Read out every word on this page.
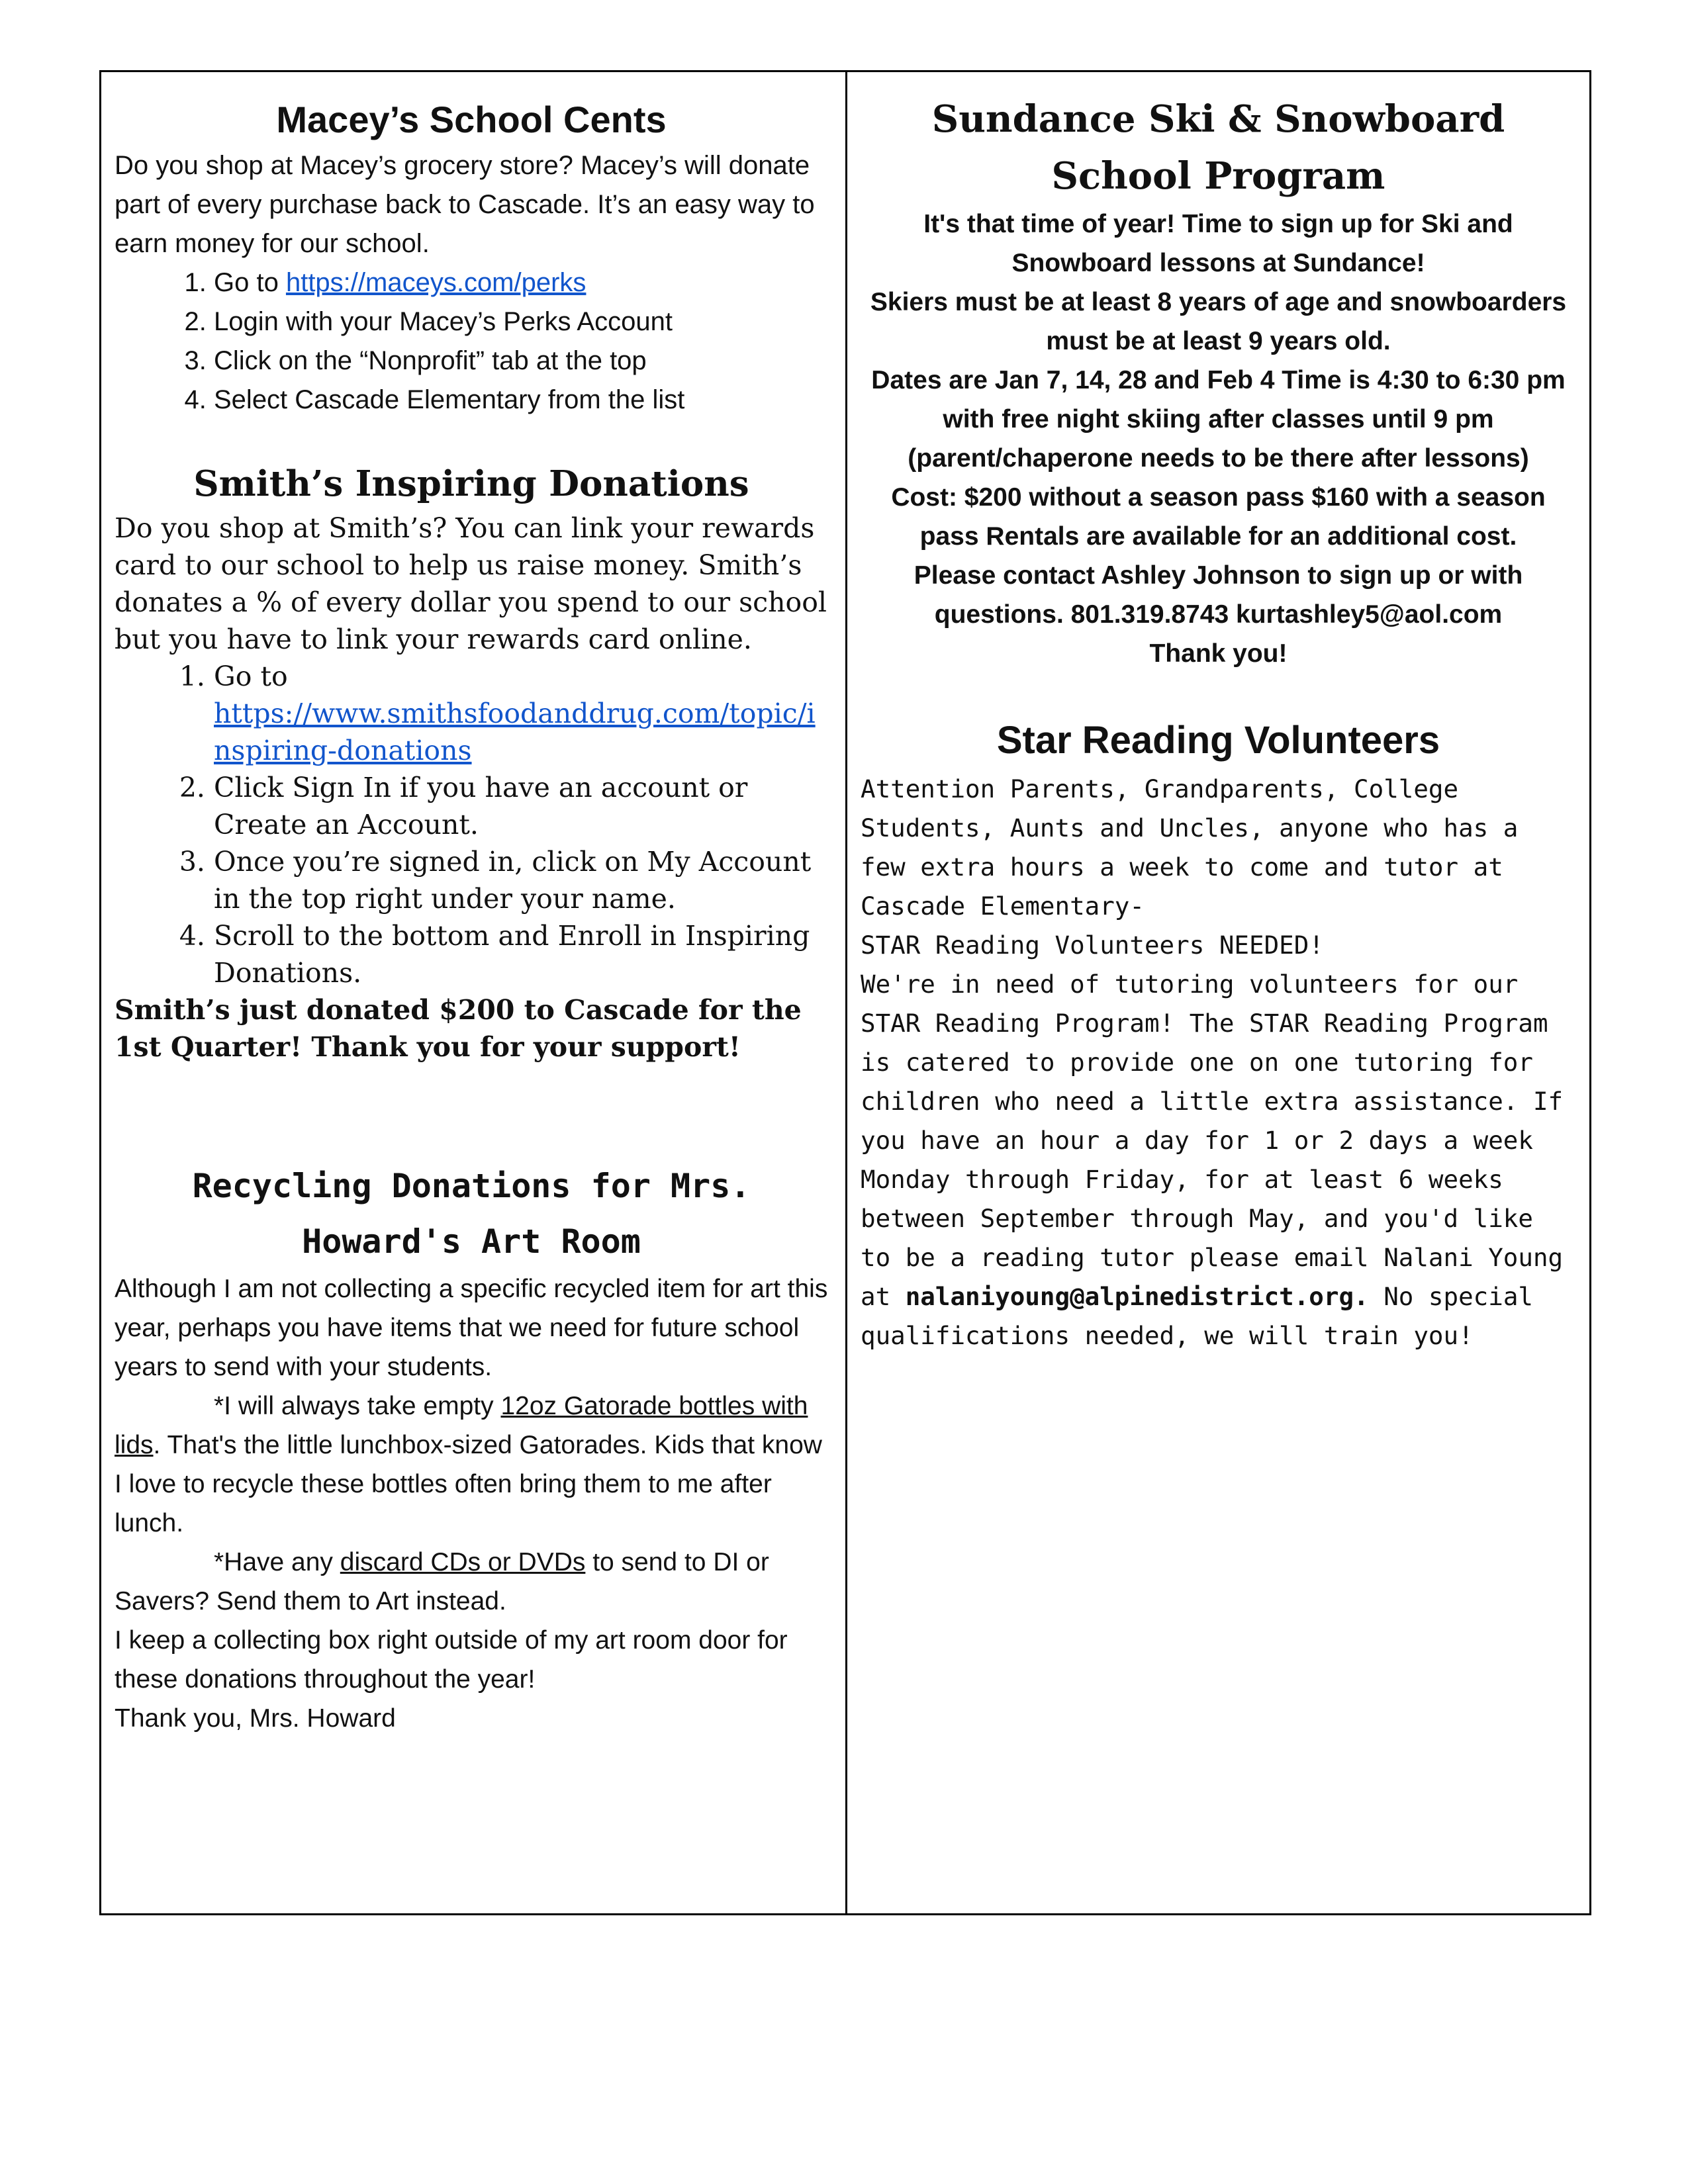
Macey’s School Cents

Do you shop at Macey’s grocery store? Macey’s will donate part of every purchase back to Cascade. It’s an easy way to earn money for our school.

1. Go to https://maceys.com/perks
2. Login with your Macey’s Perks Account
3. Click on the “Nonprofit” tab at the top
4. Select Cascade Elementary from the list
Smith’s Inspiring Donations

Do you shop at Smith’s? You can link your rewards card to our school to help us raise money. Smith’s donates a % of every dollar you spend to our school but you have to link your rewards card online.

1. Go to
https://www.smithsfoodanddrug.com/topic/inspiring-donations
2. Click Sign In if you have an account or Create an Account.
3. Once you’re signed in, click on My Account in the top right under your name.
4. Scroll to the bottom and Enroll in Inspiring Donations.

Smith’s just donated $200 to Cascade for the 1st Quarter! Thank you for your support!

Recycling Donations for Mrs. Howard's Art Room

Although I am not collecting a specific recycled item for art this year, perhaps you have items that we need for future school years to send with your students.

*I will always take empty 12oz Gatorade bottles with lids. That's the little lunchbox-sized Gatorades. Kids that know I love to recycle these bottles often bring them to me after lunch.

*Have any discard CDs or DVDs to send to DI or Savers? Send them to Art instead.

I keep a collecting box right outside of my art room door for these donations throughout the year!

Thank you, Mrs. Howard

Sundance Ski & Snowboard School Program

It's that time of year! Time to sign up for Ski and Snowboard lessons at Sundance!

Skiers must be at least 8 years of age and snowboarders must be at least 9 years old.

Dates are Jan 7, 14, 28 and Feb 4 Time is 4:30 to 6:30 pm with free night skiing after classes until 9 pm (parent/chaperone needs to be there after lessons)

Cost: $200 without a season pass $160 with a season pass Rentals are available for an additional cost.

Please contact Ashley Johnson to sign up or with questions. 801.319.8743 kurtashley5@aol.com

Thank you!

Star Reading Volunteers

Attention Parents, Grandparents, College Students, Aunts and Uncles, anyone who has a few extra hours a week to come and tutor at Cascade Elementary-

STAR Reading Volunteers NEEDED!

We're in need of tutoring volunteers for our STAR Reading Program! The STAR Reading Program is catered to provide one on one tutoring for children who need a little extra assistance. If you have an hour a day for 1 or 2 days a week Monday through Friday, for at least 6 weeks between September through May, and you'd like to be a reading tutor please email Nalani Young at nalaniyoung@alpinedistrict.org. No special qualifications needed, we will train you!
